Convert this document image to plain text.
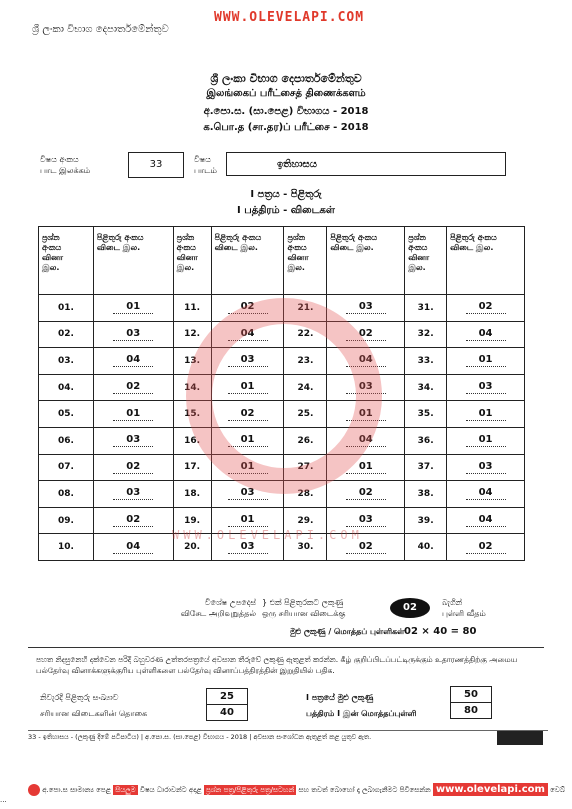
WWW.OLEVELAPI.COM
ශ්‍රී ලංකා විභාග දෙපාර්තමේන්තුව
ශ්‍රී ලංකා විභාග දෙපාර්තමේන්තුව
இலங்கைப் பரீட்சைத் திணைக்களம்
අ.පො.ස. (සා.පෙළ) විභාගය - 2018
க.பொ.த (சா.தர)ப் பரீட்சை - 2018
විෂය අංකය
பாட இலக்கம்
33	විෂය
பாடம்
ඉතිහාසය
I පත්‍රය - පිළිතුරු
I பத்திரம் - விடைகள்
ප්‍රශ්න
අංකය
வினா
இல.	පිළිතුරු අංකය
விடை இல.	ප්‍රශ්න
අංකය
வினா
இல.	පිළිතුරු අංකය
விடை இல.	ප්‍රශ්න
අංකය
வினா
இல.	පිළිතුරු අංකය
விடை இல.	ප්‍රශ්න
අංකය
வினா
இல.	පිළිතුරු අංකය
விடை இல.
01.	01	11.	02	21.	03	31.	02
02.	03	12.	04	22.	02	32.	04
03.	04	13.	03	23.	04	33.	01
04.	02	14.	01	24.	03	34.	03
05.	01	15.	02	25.	01	35.	01
06.	03	16.	01	26.	04	36.	01
07.	02	17.	01	27.	01	37.	03
08.	03	18.	03	28.	02	38.	04
09.	02	19.	01	29.	03	39.	04
10.	04	20.	03	30.	02	40.	02
WWW.OLEVELAPI.COM
විශේෂ උපදෙස්
விசேட அறிவுறுத்தல்
} එක් පිළිතුරකට ලකුණු
ஒரு சரியான விடைக்கு
02	බැගින්
புள்ளி வீதம்
මුළු ලකුණු / மொத்தப் புள்ளிகள் 02 × 40 = 80
පහත නිදසුනෙහි දක්වෙන පරිදි බහුවරණ උත්තරපත්‍රයේ අවසාන තීරුවේ ලකුණු ඇතුළත් කරන්න. கீழ் குறிப்பிடப்பட்டிருக்கும் உதாரணத்திற்கு அமைய பல்தேர்வு வினாக்களுக்குரிய புள்ளிகளை பல்தேர்வு வினாப்பத்திரத்தின் இறுதியில் பதிக.
නිවැරදි පිළිතුරු සංඛ්‍යාව
சரியான விடைகளின் தொகை
25
40
I පත්‍රයේ මුළු ලකුණු
பத்திரம் I இன் மொத்தப்புள்ளி
50
80
33 - ඉතිහාසය - (ලකුණු දීමේ පටිපාටිය) | අ.පො.ස. (සා.පෙළ) විභාගය - 2018 | අවසාන සංශෝධන ඇතුළත් කළ යුතුව ඇත.
අ.පො.ස සාමාන්‍ය පෙළ සියලුම විෂය ධාරාවන්ට අදාළ ප්‍රශ්න පත්‍ර/පිළිතුරු පත්‍ර/සටහන් සහ තවත් බොහෝ දෑ ලබාගැනීමට පිවිසෙන්න www.olevelapi.com වෙබ් ...
